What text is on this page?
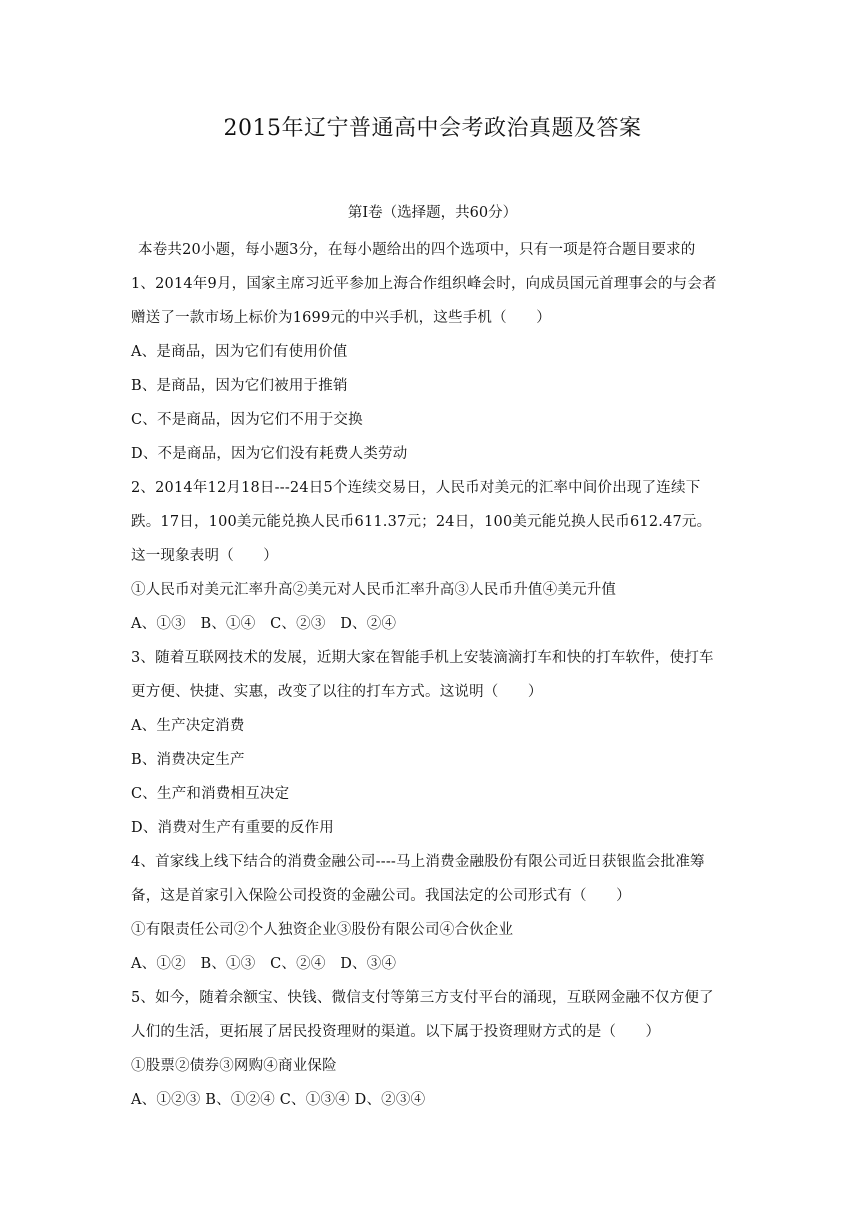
2015年辽宁普通高中会考政治真题及答案
第Ⅰ卷（选择题，共60分）
本卷共20小题，每小题3分，在每小题给出的四个选项中，只有一项是符合题目要求的
1、2014年9月，国家主席习近平参加上海合作组织峰会时，向成员国元首理事会的与会者
赠送了一款市场上标价为1699元的中兴手机，这些手机（　　）
A、是商品，因为它们有使用价值
B、是商品，因为它们被用于推销
C、不是商品，因为它们不用于交换
D、不是商品，因为它们没有耗费人类劳动
2、2014年12月18日---24日5个连续交易日，人民币对美元的汇率中间价出现了连续下
跌。17日，100美元能兑换人民币611.37元；24日，100美元能兑换人民币612.47元。
这一现象表明（　　）
①人民币对美元汇率升高②美元对人民币汇率升高③人民币升值④美元升值
A、①③　B、①④　C、②③　D、②④
3、随着互联网技术的发展，近期大家在智能手机上安装滴滴打车和快的打车软件，使打车
更方便、快捷、实惠，改变了以往的打车方式。这说明（　　）
A、生产决定消费
B、消费决定生产
C、生产和消费相互决定
D、消费对生产有重要的反作用
4、首家线上线下结合的消费金融公司----马上消费金融股份有限公司近日获银监会批准筹
备，这是首家引入保险公司投资的金融公司。我国法定的公司形式有（　　）
①有限责任公司②个人独资企业③股份有限公司④合伙企业
A、①②　B、①③　C、②④　D、③④
5、如今，随着余额宝、快钱、微信支付等第三方支付平台的涌现，互联网金融不仅方便了
人们的生活，更拓展了居民投资理财的渠道。以下属于投资理财方式的是（　　）
①股票②债券③网购④商业保险
A、①②③ B、①②④ C、①③④ D、②③④
